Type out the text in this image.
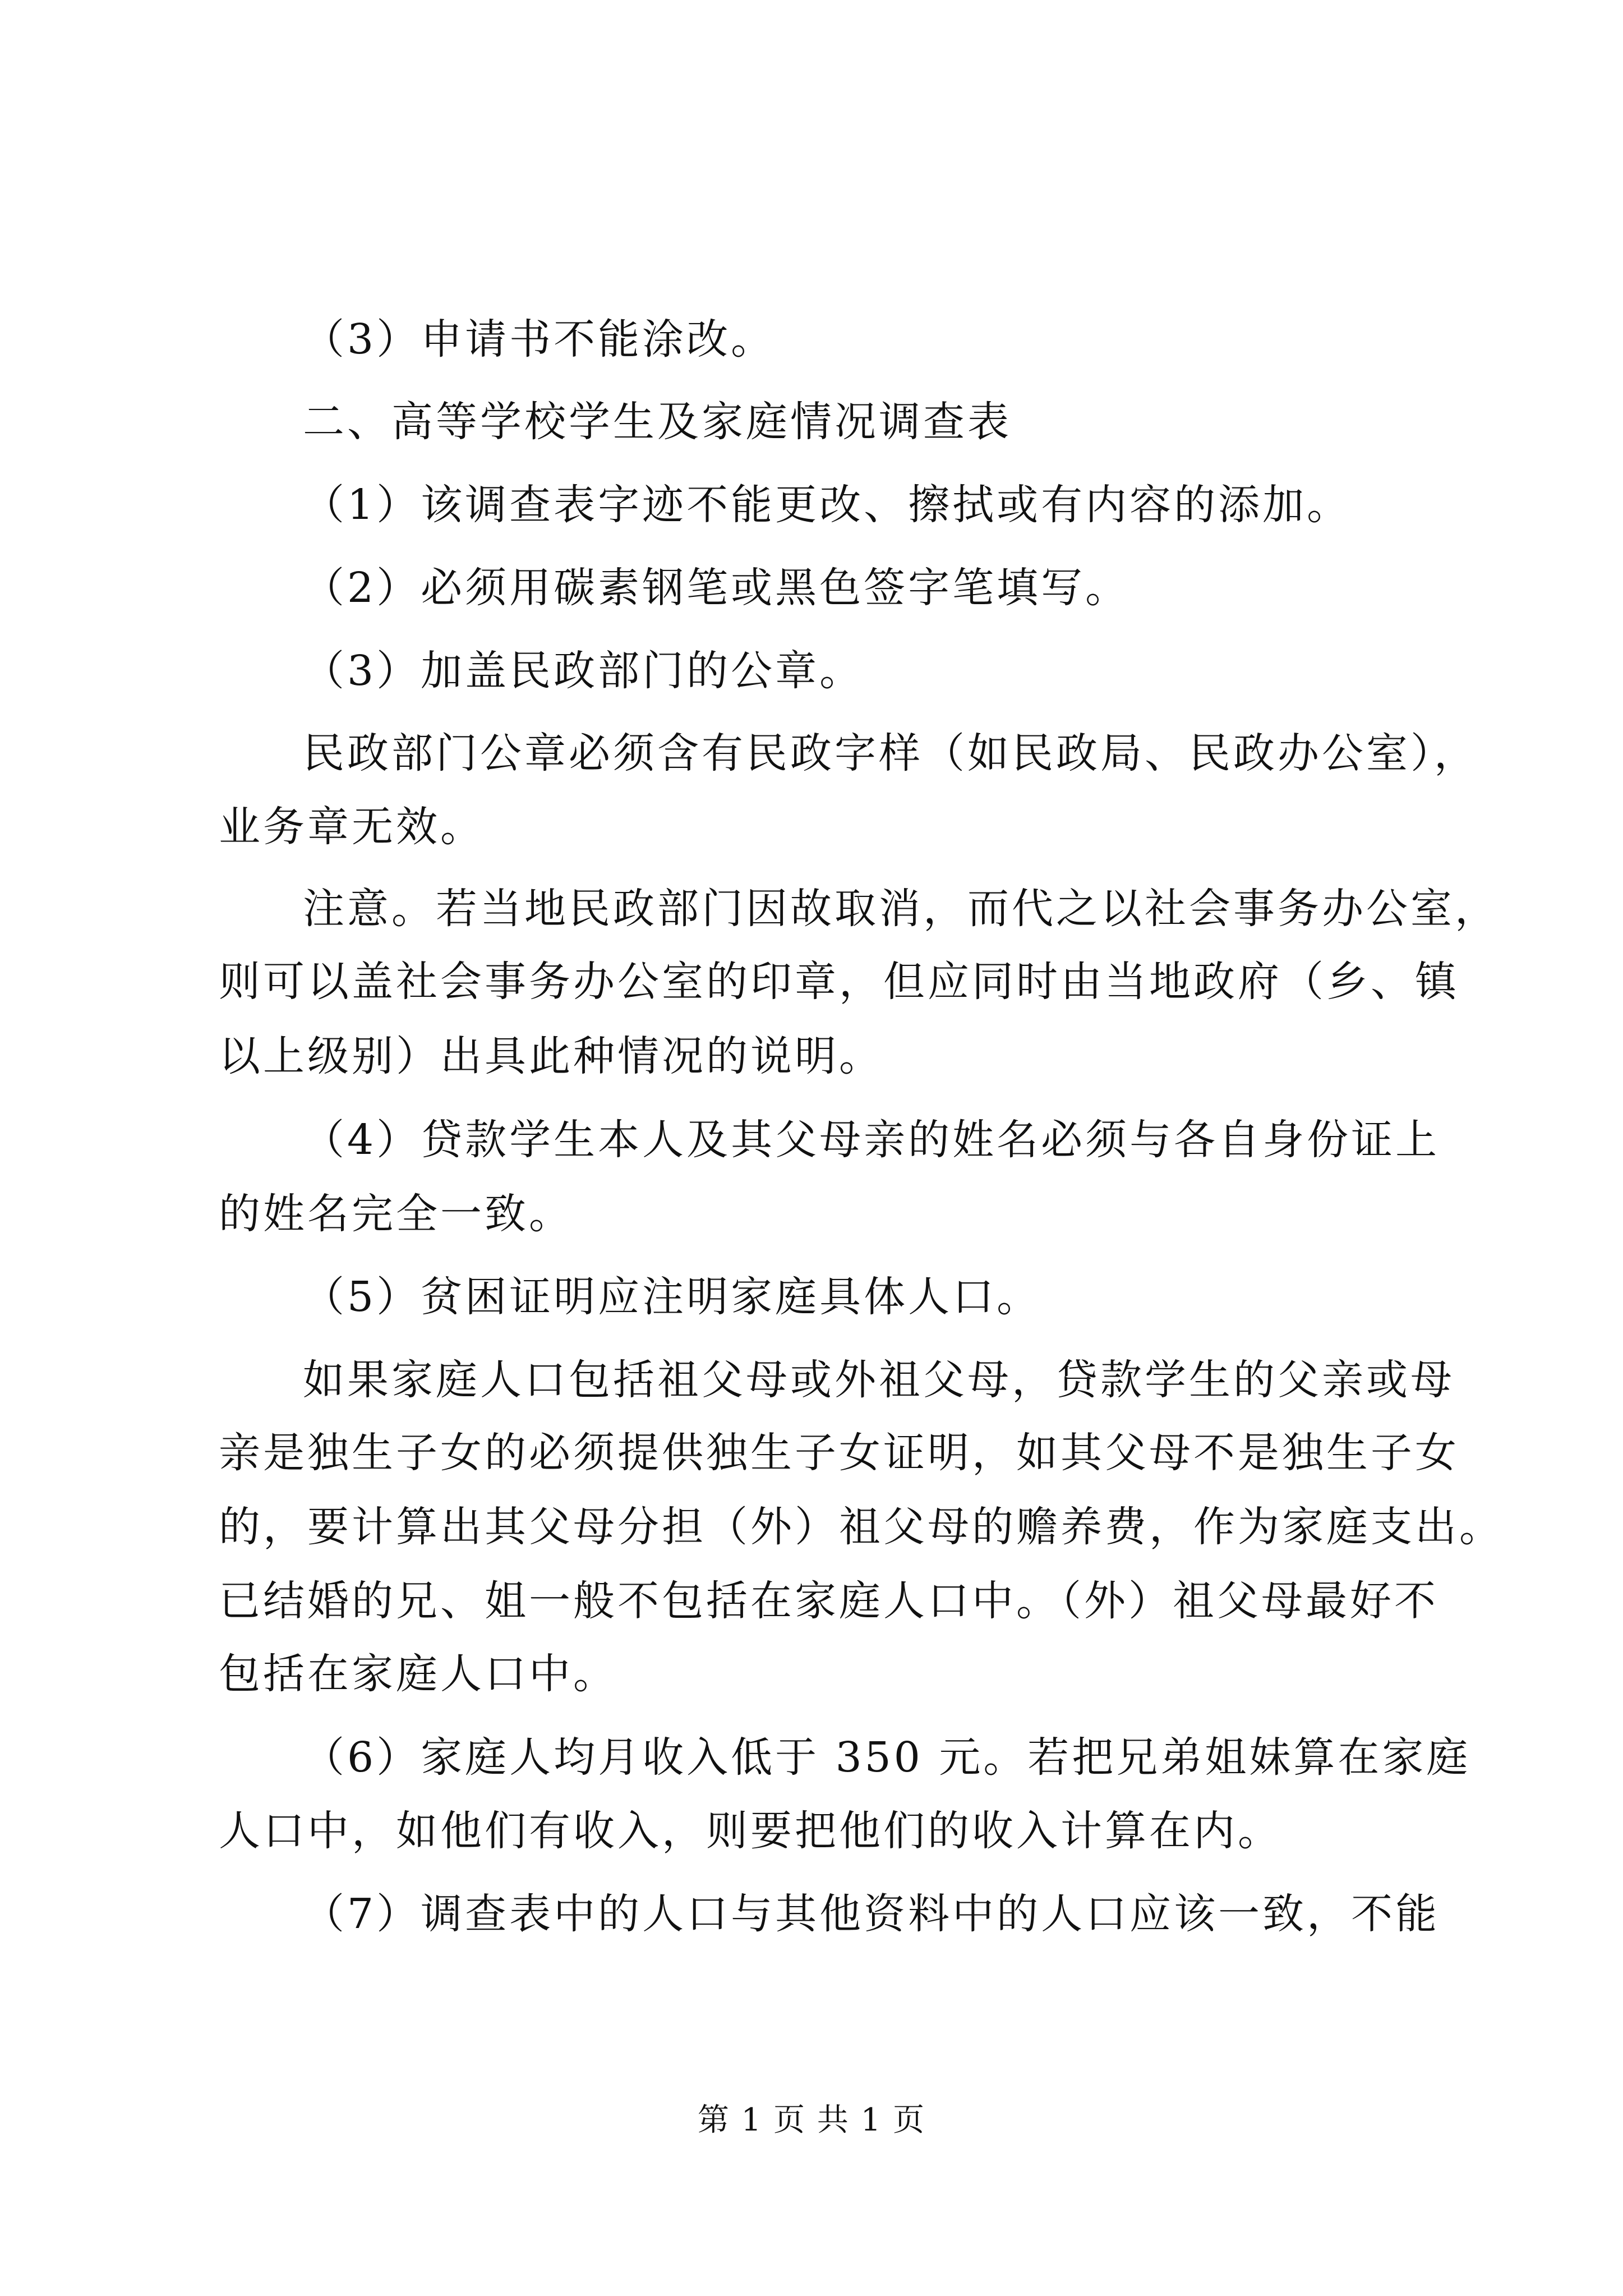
（3）申请书不能涂改。
二、高等学校学生及家庭情况调查表
（1）该调查表字迹不能更改、擦拭或有内容的添加。
（2）必须用碳素钢笔或黑色签字笔填写。
（3）加盖民政部门的公章。
民政部门公章必须含有民政字样（如民政局、民政办公室），
业务章无效。
注意。若当地民政部门因故取消，而代之以社会事务办公室，
则可以盖社会事务办公室的印章，但应同时由当地政府（乡、镇
以上级别）出具此种情况的说明。
（4）贷款学生本人及其父母亲的姓名必须与各自身份证上
的姓名完全一致。
（5）贫困证明应注明家庭具体人口。
如果家庭人口包括祖父母或外祖父母，贷款学生的父亲或母
亲是独生子女的必须提供独生子女证明，如其父母不是独生子女
的，要计算出其父母分担（外）祖父母的赡养费，作为家庭支出。
已结婚的兄、姐一般不包括在家庭人口中。（外）祖父母最好不
包括在家庭人口中。
（6）家庭人均月收入低于 350 元。若把兄弟姐妹算在家庭
人口中，如他们有收入，则要把他们的收入计算在内。
（7）调查表中的人口与其他资料中的人口应该一致，不能
第 1 页 共 1 页
